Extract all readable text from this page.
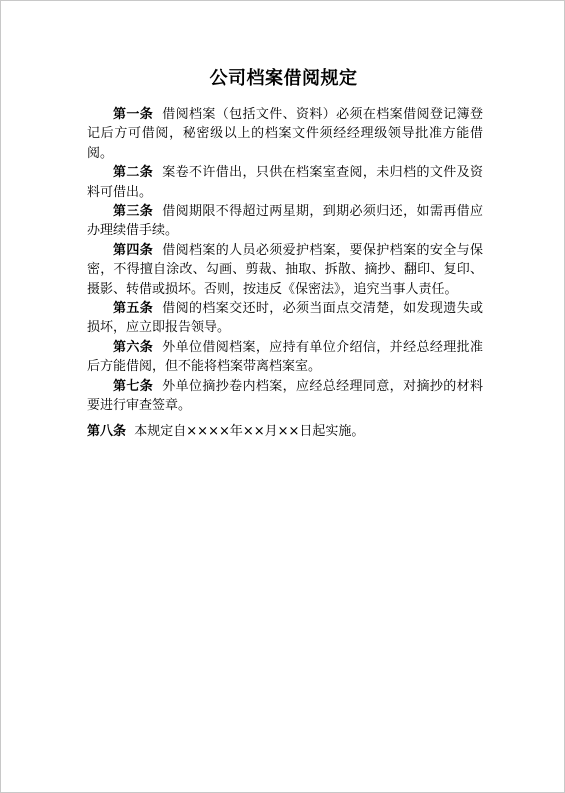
公司档案借阅规定

第一条 借阅档案（包括文件、资料）必须在档案借阅登记簿登记后方可借阅，秘密级以上的档案文件须经经理级领导批准方能借阅。

第二条 案卷不许借出，只供在档案室查阅，未归档的文件及资料可借出。

第三条 借阅期限不得超过两星期，到期必须归还，如需再借应办理续借手续。

第四条 借阅档案的人员必须爱护档案，要保护档案的安全与保密，不得擅自涂改、勾画、剪裁、抽取、拆散、摘抄、翻印、复印、摄影、转借或损坏。否则，按违反《保密法》，追究当事人责任。

第五条 借阅的档案交还时，必须当面点交清楚，如发现遗失或损坏，应立即报告领导。

第六条 外单位借阅档案，应持有单位介绍信，并经总经理批准后方能借阅，但不能将档案带离档案室。

第七条 外单位摘抄卷内档案，应经总经理同意，对摘抄的材料要进行审查签章。

第八条 本规定自××××年××月××日起实施。
